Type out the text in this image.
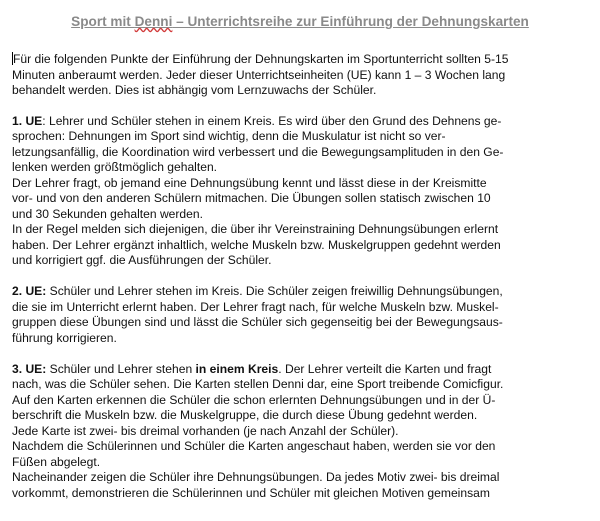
Sport mit Denni – Unterrichtsreihe zur Einführung der Dehnungskarten

Für die folgenden Punkte der Einführung der Dehnungskarten im Sportunterricht sollten 5-15
Minuten anberaumt werden. Jeder dieser Unterrichtseinheiten (UE) kann 1 – 3 Wochen lang
behandelt werden. Dies ist abhängig vom Lernzuwachs der Schüler.

1. UE: Lehrer und Schüler stehen in einem Kreis. Es wird über den Grund des Dehnens ge-
sprochen: Dehnungen im Sport sind wichtig, denn die Muskulatur ist nicht so ver-
letzungsanfällig, die Koordination wird verbessert und die Bewegungsamplituden in den Ge-
lenken werden größtmöglich gehalten.
Der Lehrer fragt, ob jemand eine Dehnungsübung kennt und lässt diese in der Kreismitte
vor- und von den anderen Schülern mitmachen. Die Übungen sollen statisch zwischen 10
und 30 Sekunden gehalten werden.
In der Regel melden sich diejenigen, die über ihr Vereinstraining Dehnungsübungen erlernt
haben. Der Lehrer ergänzt inhaltlich, welche Muskeln bzw. Muskelgruppen gedehnt werden
und korrigiert ggf. die Ausführungen der Schüler.

2. UE: Schüler und Lehrer stehen im Kreis. Die Schüler zeigen freiwillig Dehnungsübungen,
die sie im Unterricht erlernt haben. Der Lehrer fragt nach, für welche Muskeln bzw. Muskel-
gruppen diese Übungen sind und lässt die Schüler sich gegenseitig bei der Bewegungsaus-
führung korrigieren.

3. UE: Schüler und Lehrer stehen in einem Kreis. Der Lehrer verteilt die Karten und fragt
nach, was die Schüler sehen. Die Karten stellen Denni dar, eine Sport treibende Comicfigur.
Auf den Karten erkennen die Schüler die schon erlernten Dehnungsübungen und in der Ü-
berschrift die Muskeln bzw. die Muskelgruppe, die durch diese Übung gedehnt werden.
Jede Karte ist zwei- bis dreimal vorhanden (je nach Anzahl der Schüler).
Nachdem die Schülerinnen und Schüler die Karten angeschaut haben, werden sie vor den
Füßen abgelegt.
Nacheinander zeigen die Schüler ihre Dehnungsübungen. Da jedes Motiv zwei- bis dreimal
vorkommt, demonstrieren die Schülerinnen und Schüler mit gleichen Motiven gemeinsam
